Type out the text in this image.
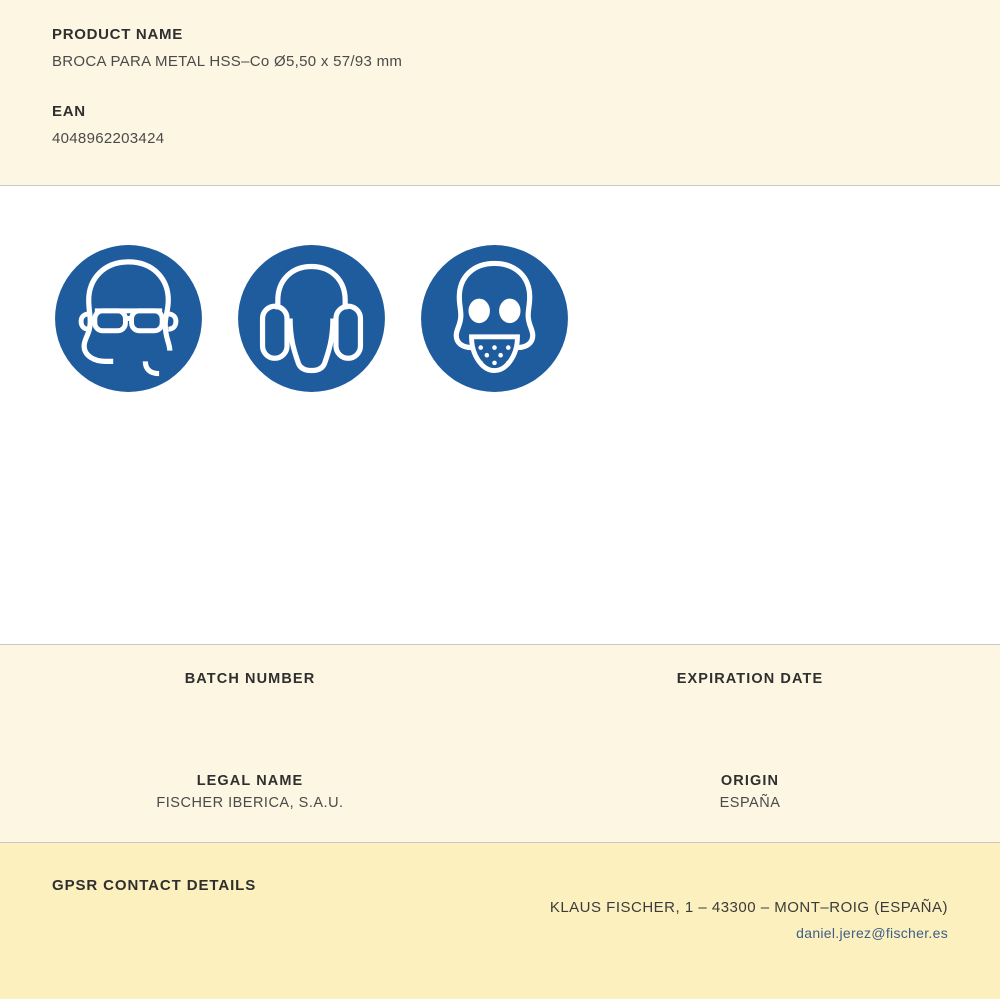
PRODUCT NAME

BROCA PARA METAL HSS–Co Ø5,50 x 57/93 mm

EAN

4048962203424

BATCH NUMBER	EXPIRATION DATE

LEGAL NAME

FISCHER IBERICA, S.A.U.

ORIGIN

ESPAÑA

GPSR CONTACT DETAILS

KLAUS FISCHER, 1 – 43300 – MONT–ROIG (ESPAÑA)

daniel.jerez@fischer.es
